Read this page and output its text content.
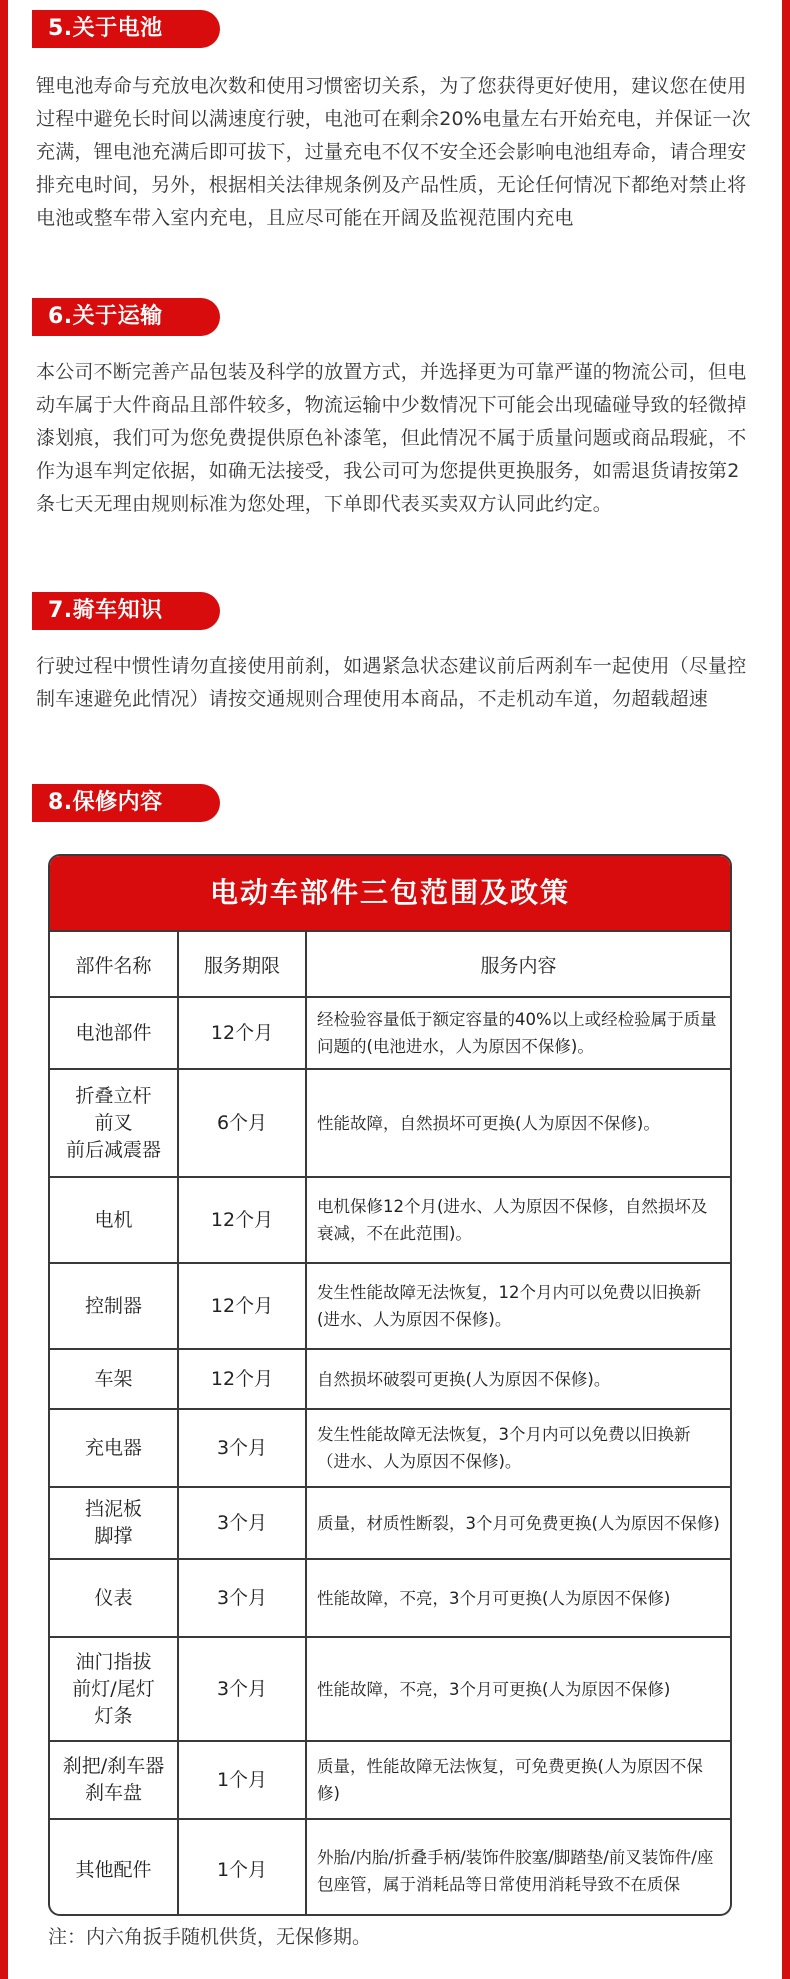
5.关于电池

锂电池寿命与充放电次数和使用习惯密切关系，为了您获得更好使用，建议您在使用过程中避免长时间以满速度行驶，电池可在剩余20%电量左右开始充电，并保证一次充满，锂电池充满后即可拔下，过量充电不仅不安全还会影响电池组寿命，请合理安排充电时间，另外，根据相关法律规条例及产品性质，无论任何情况下都绝对禁止将电池或整车带入室内充电，且应尽可能在开阔及监视范围内充电

6.关于运输

本公司不断完善产品包装及科学的放置方式，并选择更为可靠严谨的物流公司，但电动车属于大件商品且部件较多，物流运输中少数情况下可能会出现磕碰导致的轻微掉漆划痕，我们可为您免费提供原色补漆笔，但此情况不属于质量问题或商品瑕疵，不作为退车判定依据，如确无法接受，我公司可为您提供更换服务，如需退货请按第2条七天无理由规则标准为您处理，下单即代表买卖双方认同此约定。

7.骑车知识

行驶过程中惯性请勿直接使用前刹，如遇紧急状态建议前后两刹车一起使用（尽量控制车速避免此情况）请按交通规则合理使用本商品，不走机动车道，勿超载超速

8.保修内容
电动车部件三包范围及政策
部件名称	服务期限	服务内容

电池部件	12个月	经检验容量低于额定容量的40%以上或经检验属于质量问题的(电池进水，人为原因不保修)。

折叠立杆
前叉
前后减震器	6个月	性能故障，自然损坏可更换(人为原因不保修)。

电机	12个月	电机保修12个月(进水、人为原因不保修，自然损坏及衰减，不在此范围)。

控制器	12个月	发生性能故障无法恢复，12个月内可以免费以旧换新(进水、人为原因不保修)。

车架	12个月	自然损坏破裂可更换(人为原因不保修)。

充电器	3个月	发生性能故障无法恢复，3个月内可以免费以旧换新（进水、人为原因不保修)。

挡泥板
脚撑	3个月	质量，材质性断裂，3个月可免费更换(人为原因不保修)

仪表	3个月	性能故障，不亮，3个月可更换(人为原因不保修)

油门指拔
前灯/尾灯
灯条	3个月	性能故障，不亮，3个月可更换(人为原因不保修)

刹把/刹车器
刹车盘	1个月	质量，性能故障无法恢复，可免费更换(人为原因不保修)

其他配件	1个月	外胎/内胎/折叠手柄/装饰件胶塞/脚踏垫/前叉装饰件/座包座管，属于消耗品等日常使用消耗导致不在质保
注：内六角扳手随机供货，无保修期。
